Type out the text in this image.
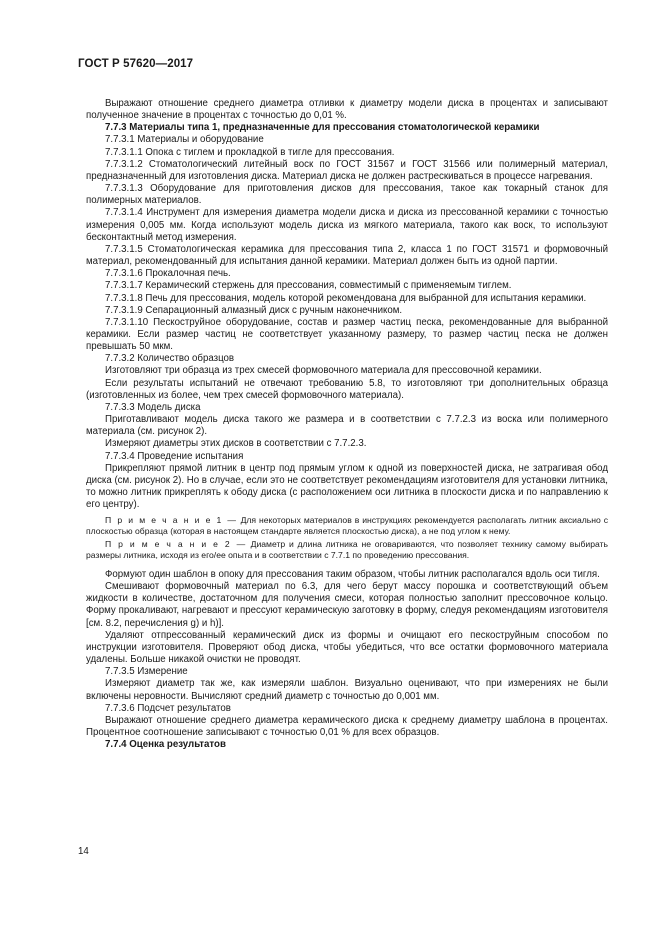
ГОСТ Р 57620—2017

Выражают отношение среднего диаметра отливки к диаметру модели диска в процентах и записывают полученное значение в процентах с точностью до 0,01 %.

7.7.3 Материалы типа 1, предназначенные для прессования стоматологической керамики

7.7.3.1 Материалы и оборудование

7.7.3.1.1 Опока с тиглем и прокладкой в тигле для прессования.

7.7.3.1.2 Стоматологический литейный воск по ГОСТ 31567 и ГОСТ 31566 или полимерный материал, предназначенный для изготовления диска. Материал диска не должен растрескиваться в процессе нагревания.

7.7.3.1.3 Оборудование для приготовления дисков для прессования, такое как токарный станок для полимерных материалов.

7.7.3.1.4 Инструмент для измерения диаметра модели диска и диска из прессованной керамики с точностью измерения 0,005 мм. Когда используют модель диска из мягкого материала, такого как воск, то используют бесконтактный метод измерения.

7.7.3.1.5 Стоматологическая керамика для прессования типа 2, класса 1 по ГОСТ 31571 и формовочный материал, рекомендованный для испытания данной керамики. Материал должен быть из одной партии.

7.7.3.1.6 Прокалочная печь.

7.7.3.1.7 Керамический стержень для прессования, совместимый с применяемым тиглем.

7.7.3.1.8 Печь для прессования, модель которой рекомендована для выбранной для испытания керамики.

7.7.3.1.9 Сепарационный алмазный диск с ручным наконечником.

7.7.3.1.10 Пескоструйное оборудование, состав и размер частиц песка, рекомендованные для выбранной керамики. Если размер частиц не соответствует указанному размеру, то размер частиц песка не должен превышать 50 мкм.

7.7.3.2 Количество образцов

Изготовляют три образца из трех смесей формовочного материала для прессовочной керамики.

Если результаты испытаний не отвечают требованию 5.8, то изготовляют три дополнительных образца (изготовленных из более, чем трех смесей формовочного материала).

7.7.3.3 Модель диска

Приготавливают модель диска такого же размера и в соответствии с 7.7.2.3 из воска или полимерного материала (см. рисунок 2).

Измеряют диаметры этих дисков в соответствии с 7.7.2.3.

7.7.3.4 Проведение испытания

Прикрепляют прямой литник в центр под прямым углом к одной из поверхностей диска, не затрагивая обод диска (см. рисунок 2). Но в случае, если это не соответствует рекомендациям изготовителя для установки литника, то можно литник прикреплять к ободу диска (с расположением оси литника в плоскости диска и по направлению к его центру).

П р и м е ч а н и е 1 — Для некоторых материалов в инструкциях рекомендуется располагать литник аксиально с плоскостью образца (которая в настоящем стандарте является плоскостью диска), а не под углом к нему.

П р и м е ч а н и е 2 — Диаметр и длина литника не оговариваются, что позволяет технику самому выбирать размеры литника, исходя из его/ее опыта и в соответствии с 7.7.1 по проведению прессования.

Формуют один шаблон в опоку для прессования таким образом, чтобы литник располагался вдоль оси тигля.

Смешивают формовочный материал по 6.3, для чего берут массу порошка и соответствующий объем жидкости в количестве, достаточном для получения смеси, которая полностью заполнит прессовочное кольцо. Форму прокаливают, нагревают и прессуют керамическую заготовку в форму, следуя рекомендациям изготовителя [см. 8.2, перечисления g) и h)].

Удаляют отпрессованный керамический диск из формы и очищают его пескоструйным способом по инструкции изготовителя. Проверяют обод диска, чтобы убедиться, что все остатки формовочного материала удалены. Больше никакой очистки не проводят.

7.7.3.5 Измерение

Измеряют диаметр так же, как измеряли шаблон. Визуально оценивают, что при измерениях не были включены неровности. Вычисляют средний диаметр с точностью до 0,001 мм.

7.7.3.6 Подсчет результатов

Выражают отношение среднего диаметра керамического диска к среднему диаметру шаблона в процентах. Процентное соотношение записывают с точностью 0,01 % для всех образцов.

7.7.4 Оценка результатов

14
